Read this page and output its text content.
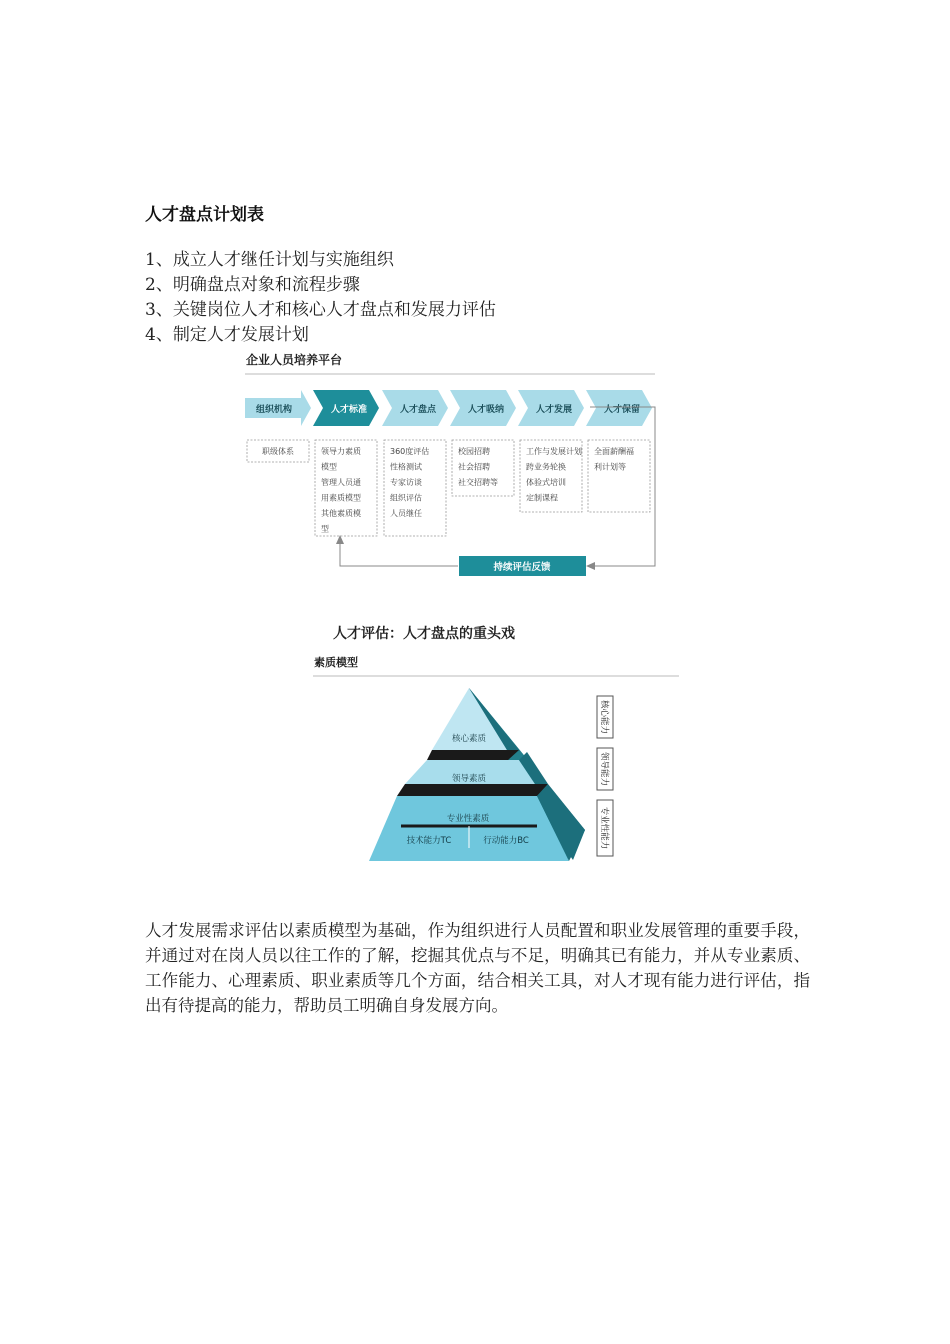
人才盘点计划表
1、成立人才继任计划与实施组织
2、明确盘点对象和流程步骤
3、关键岗位人才和核心人才盘点和发展力评估
4、制定人才发展计划
企业人员培养平台
组织机构
职级体系
人才标准
领导力素质
模型
管理人员通
用素质模型
其他素质模
型
人才盘点
360度评估
性格测试
专家访谈
组织评估
人员继任
人才吸纳
校园招聘
社会招聘
社交招聘等
人才发展
工作与发展计划
跨业务轮换
体验式培训
定制课程
人才保留
全面薪酬福
利计划等
持续评估反馈
人才评估：人才盘点的重头戏
素质模型
核心素质
领导素质
专业性素质
技术能力TC	行动能力BC
核心能力
领导能力
专业性能力

人才发展需求评估以素质模型为基础，作为组织进行人员配置和职业发展管理的重要手段，并通过对在岗人员以往工作的了解，挖掘其优点与不足，明确其已有能力，并从专业素质、工作能力、心理素质、职业素质等几个方面，结合相关工具，对人才现有能力进行评估，指出有待提高的能力，帮助员工明确自身发展方向。
